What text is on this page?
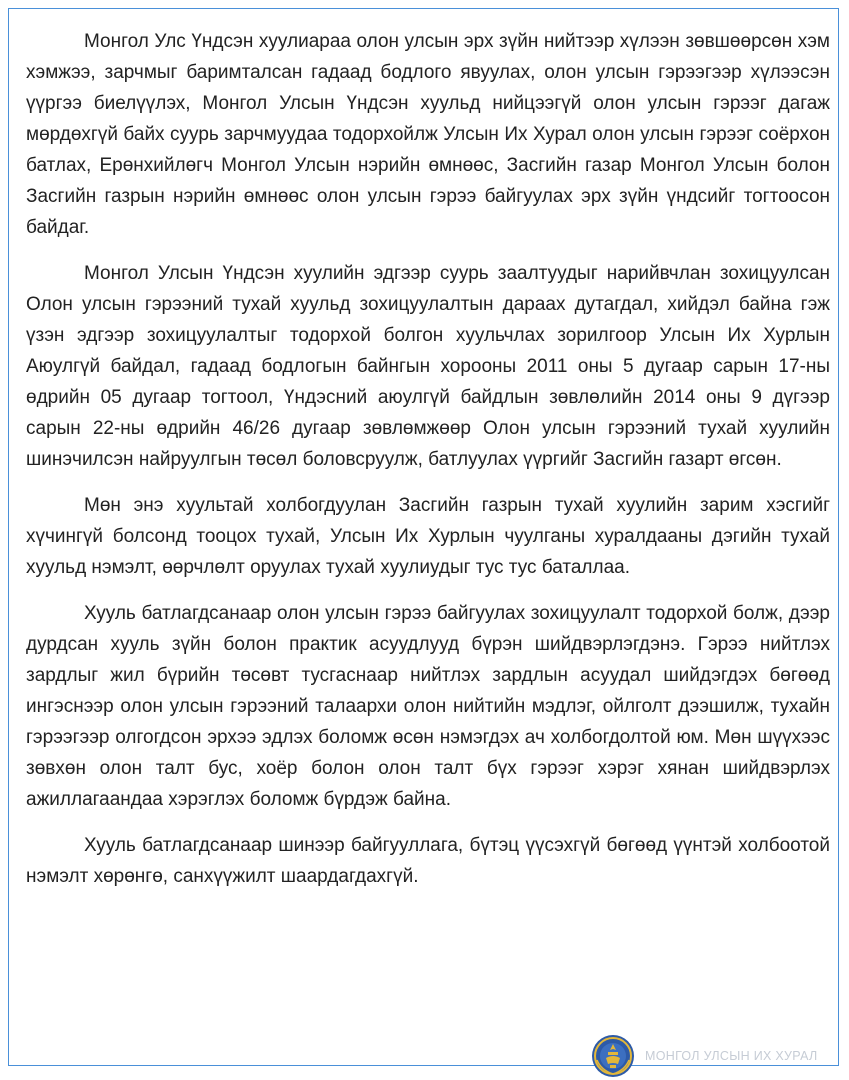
Монгол Улс Үндсэн хуулиараа олон улсын эрх зүйн нийтээр хүлээн зөвшөөрсөн хэм хэмжээ, зарчмыг баримталсан гадаад бодлого явуулах, олон улсын гэрээгээр хүлээсэн үүргээ биелүүлэх, Монгол Улсын Үндсэн хуульд нийцээгүй олон улсын гэрээг дагаж мөрдөхгүй байх суурь зарчмуудаа тодорхойлж Улсын Их Хурал олон улсын гэрээг соёрхон батлах, Ерөнхийлөгч Монгол Улсын нэрийн өмнөөс, Засгийн газар Монгол Улсын болон Засгийн газрын нэрийн өмнөөс олон улсын гэрээ байгуулах эрх зүйн үндсийг тогтоосон байдаг.

Монгол Улсын Үндсэн хуулийн эдгээр суурь заалтуудыг нарийвчлан зохицуулсан Олон улсын гэрээний тухай хуульд зохицуулалтын дараах дутагдал, хийдэл байна гэж үзэн эдгээр зохицуулалтыг тодорхой болгон хуульчлах зорилгоор Улсын Их Хурлын Аюулгүй байдал, гадаад бодлогын байнгын хорооны 2011 оны 5 дугаар сарын 17-ны өдрийн 05 дугаар тогтоол, Үндэсний аюулгүй байдлын зөвлөлийн 2014 оны 9 дүгээр сарын 22-ны өдрийн 46/26 дугаар зөвлөмжөөр Олон улсын гэрээний тухай хуулийн шинэчилсэн найруулгын төсөл боловсруулж, батлуулах үүргийг Засгийн газарт өгсөн.

Мөн энэ хуультай холбогдуулан Засгийн газрын тухай хуулийн зарим хэсгийг хүчингүй болсонд тооцох тухай, Улсын Их Хурлын чуулганы хуралдааны дэгийн тухай хуульд нэмэлт, өөрчлөлт оруулах тухай хуулиудыг тус тус баталлаа.

Хууль батлагдсанаар олон улсын гэрээ байгуулах зохицуулалт тодорхой болж, дээр дурдсан хууль зүйн болон практик асуудлууд бүрэн шийдвэрлэгдэнэ. Гэрээ нийтлэх зардлыг жил бүрийн төсөвт тусгаснаар нийтлэх зардлын асуудал шийдэгдэх бөгөөд ингэснээр олон улсын гэрээний талаархи олон нийтийн мэдлэг, ойлголт дээшилж, тухайн гэрээгээр олгогдсон эрхээ эдлэх боломж өсөн нэмэгдэх ач холбогдолтой юм. Мөн шүүхээс зөвхөн олон талт бус, хоёр болон олон талт бүх гэрээг хэрэг хянан шийдвэрлэх ажиллагаандаа хэрэглэх боломж бүрдэж байна.

Хууль батлагдсанаар шинээр байгууллага, бүтэц үүсэхгүй бөгөөд үүнтэй холбоотой нэмэлт хөрөнгө, санхүүжилт шаардагдахгүй.

МОНГОЛ УЛСЫН ИХ ХУРАЛ
